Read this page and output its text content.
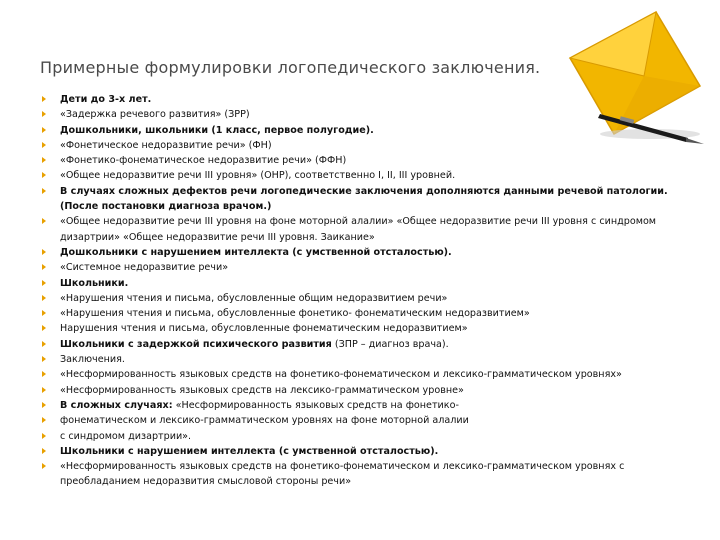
Примерные формулировки логопедического заключения.
Дети до 3-х лет.
«Задержка речевого развития» (ЗРР)
Дошкольники, школьники (1 класс, первое полугодие).
«Фонетическое недоразвитие речи» (ФН)
«Фонетико-фонематическое недоразвитие речи» (ФФН)
«Общее недоразвитие речи III уровня» (ОНР), соответственно I, II, III уровней.
В случаях сложных дефектов речи логопедические заключения дополняются данными речевой патологии. (После постановки диагноза врачом.)
«Общее недоразвитие речи III уровня на фоне моторной алалии» «Общее недоразвитие речи III уровня с синдромом дизартрии» «Общее недоразвитие речи III уровня. Заикание»
Дошкольники с нарушением интеллекта (с умственной отсталостью).
«Системное недоразвитие речи»
Школьники.
«Нарушения чтения и письма, обусловленные общим недоразвитием речи»
«Нарушения чтения и письма, обусловленные фонетико- фонематическим недоразвитием»
Нарушения чтения и письма, обусловленные фонематическим недоразвитием»
Школьники с задержкой психического развития (ЗПР – диагноз врача).
Заключения.
«Несформированность языковых средств на фонетико-фонематическом и лексико-грамматическом уровнях»
«Несформированность языковых средств на лексико-грамматическом уровне»
В сложных случаях: «Несформированность языковых средств на фонетико-
фонематическом и лексико-грамматическом уровнях на фоне моторной алалии
с синдромом дизартрии».
Школьники с нарушением интеллекта (с умственной отсталостью).
«Несформированность языковых средств на фонетико-фонематическом и лексико-грамматическом уровнях с преобладанием недоразвития смысловой стороны речи»
